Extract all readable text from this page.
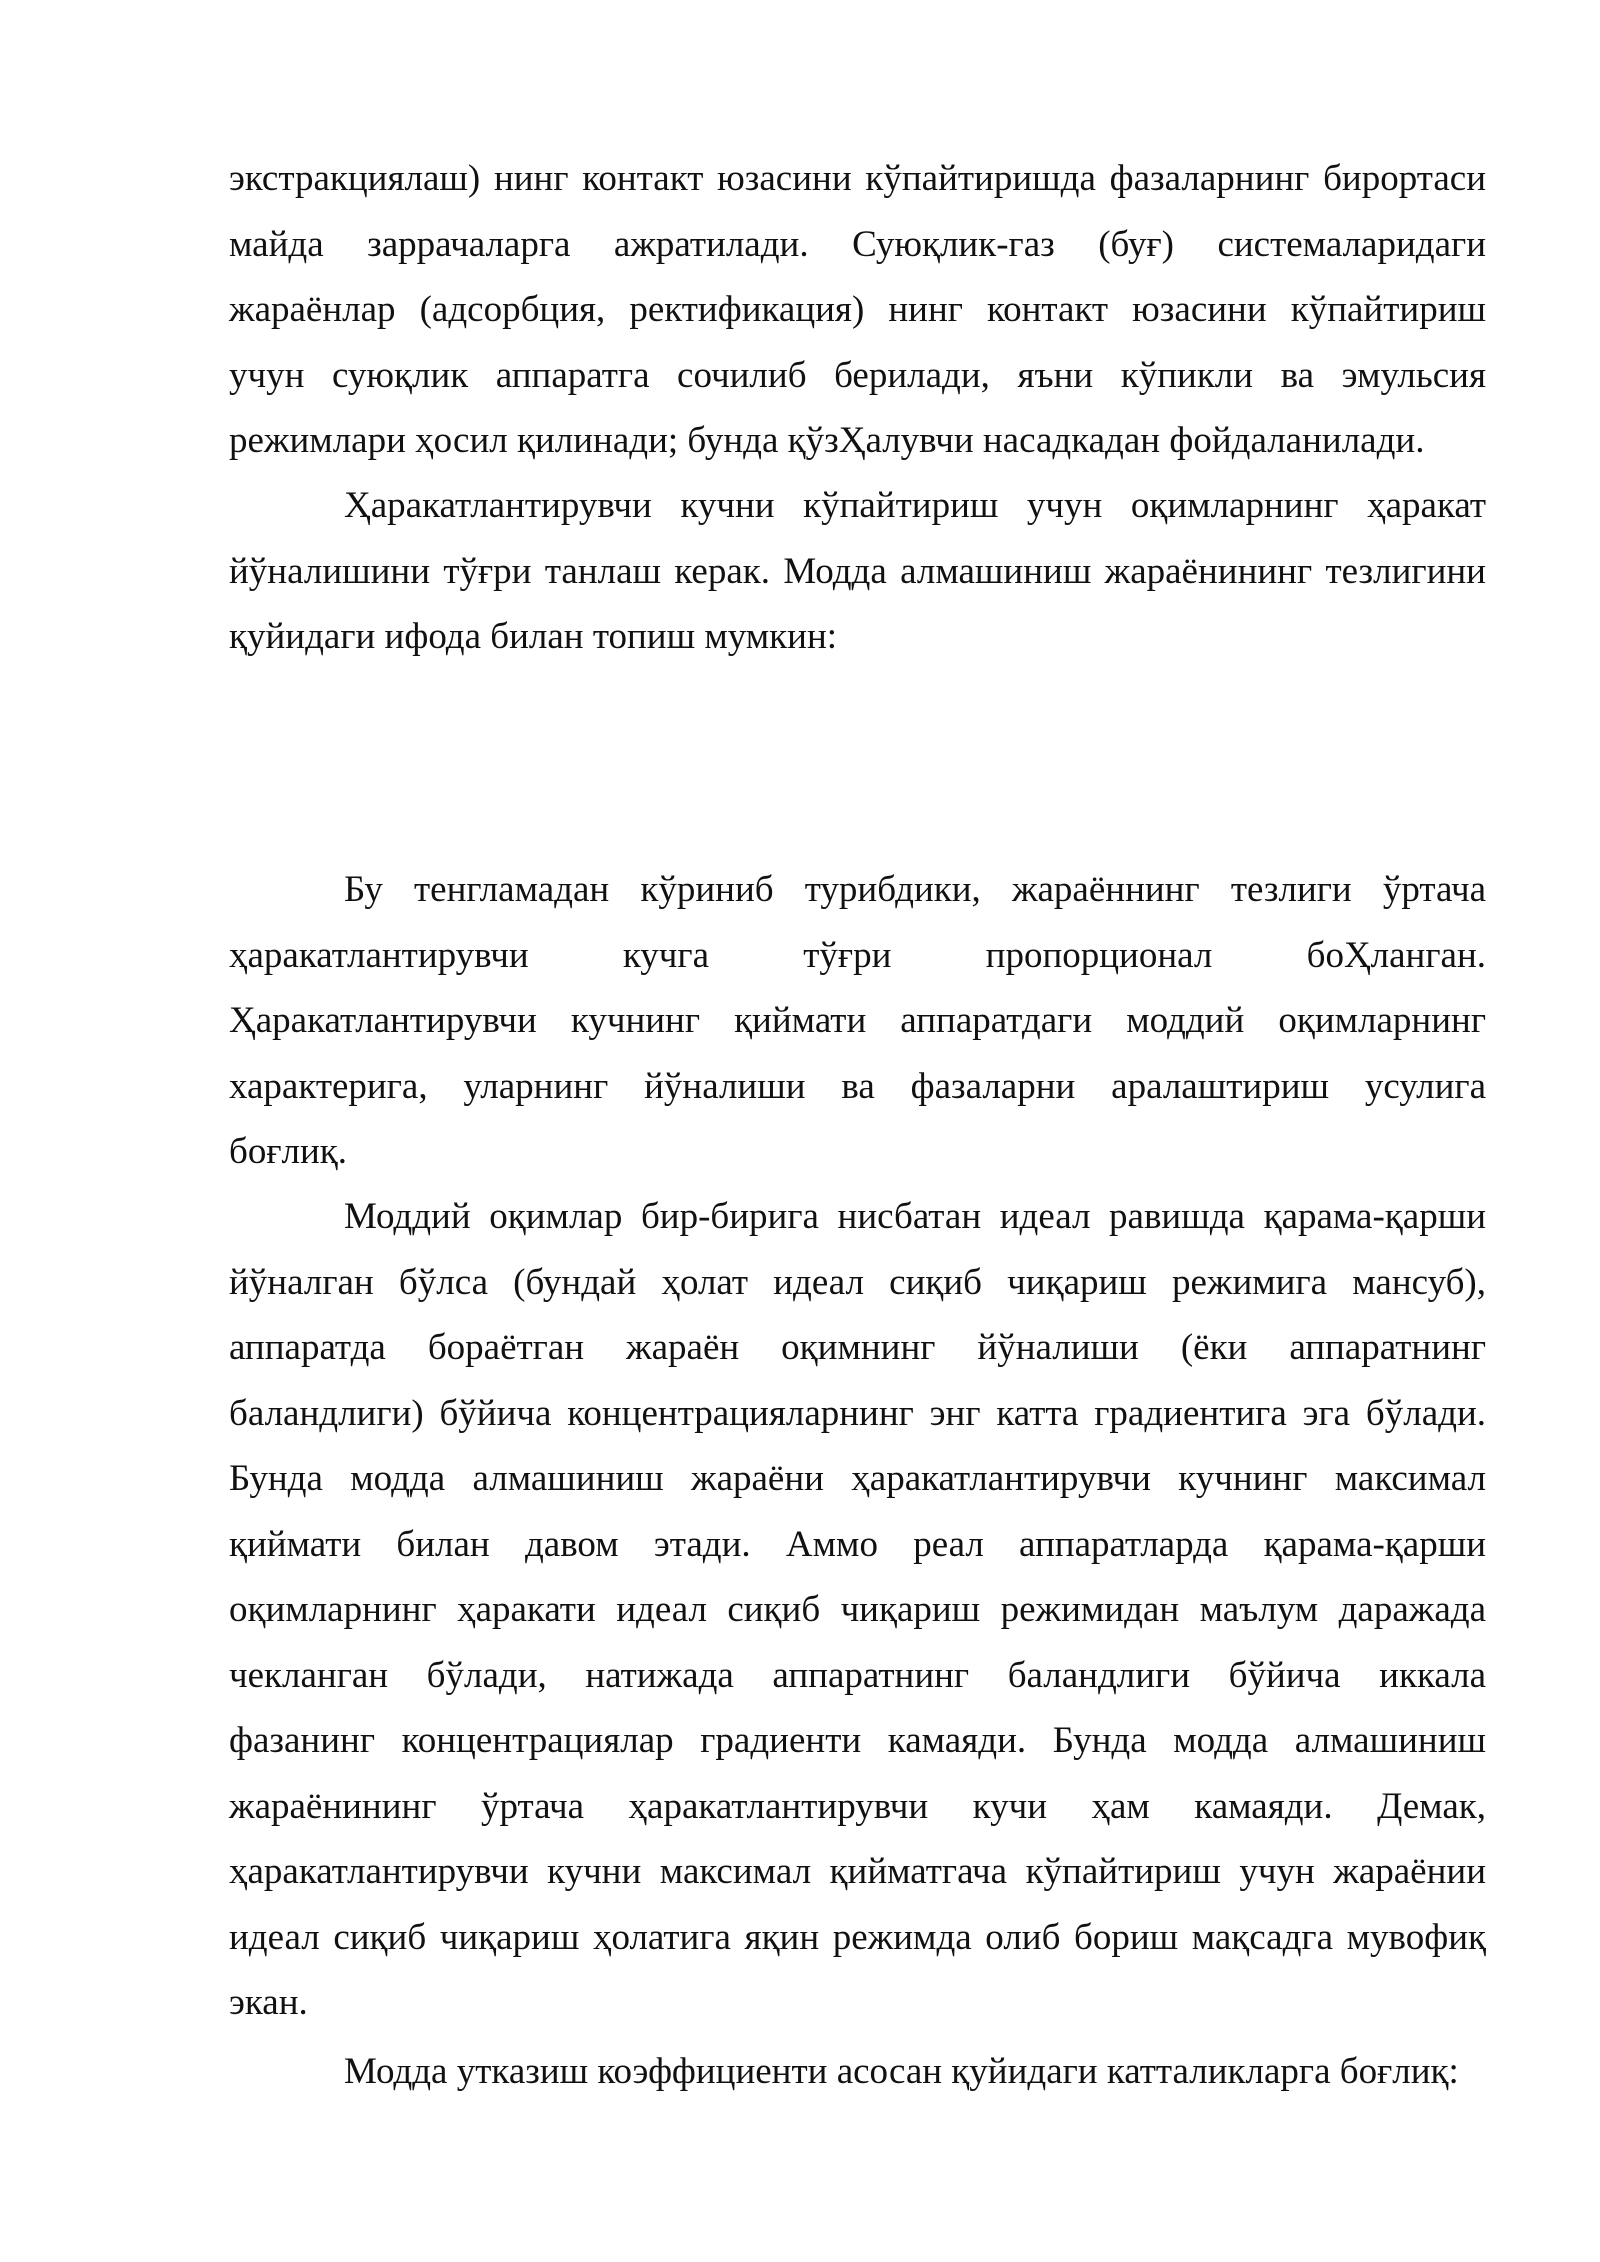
экстракциялаш) нинг контакт юзасини кўпайтиришда фазаларнинг бирортаси
майда заррачаларга ажратилади. Суюқлик-газ (буғ) системаларидаги
жараёнлар (адсорбция, ректификация) нинг контакт юзасини кўпайтириш
учун суюқлик аппаратга сочилиб берилади, яъни кўпикли ва эмульсия
режимлари ҳосил қилинади; бунда қўзҲалувчи насадкадан фойдаланилади.
Ҳаракатлантирувчи кучни кўпайтириш учун оқимларнинг ҳаракат
йўналишини тўғри танлаш керак. Модда алмашиниш жараёнининг тезлигини
қуйидаги ифода билан топиш мумкин:
Бу тенгламадан кўриниб турибдики, жараённинг тезлиги ўртача
ҳаракатлантирувчи кучга тўғри пропорционал боҲланган.
Ҳаракатлантирувчи кучнинг қиймати аппаратдаги моддий оқимларнинг
характерига, уларнинг йўналиши ва фазаларни аралаштириш усулига
боғлиқ.
Моддий оқимлар бир-бирига нисбатан идеал равишда қарама-қарши
йўналган бўлса (бундай ҳолат идеал сиқиб чиқариш режимига мансуб),
аппаратда бораётган жараён оқимнинг йўналиши (ёки аппаратнинг
баландлиги) бўйича концентрацияларнинг энг катта градиентига эга бўлади.
Бунда модда алмашиниш жараёни ҳаракатлантирувчи кучнинг максимал
қиймати билан давом этади. Аммо реал аппаратларда қарама-қарши
оқимларнинг ҳаракати идеал сиқиб чиқариш режимидан маълум даражада
чекланган бўлади, натижада аппаратнинг баландлиги бўйича иккала
фазанинг концентрациялар градиенти камаяди. Бунда модда алмашиниш
жараёнининг ўртача ҳаракатлантирувчи кучи ҳам камаяди. Демак,
ҳаракатлантирувчи кучни максимал қийматгача кўпайтириш учун жараёнии
идеал сиқиб чиқариш ҳолатига яқин режимда олиб бориш мақсадга мувофиқ
экан.
Модда утказиш коэффициенти асосан қуйидаги катталикларга боғлиқ:
